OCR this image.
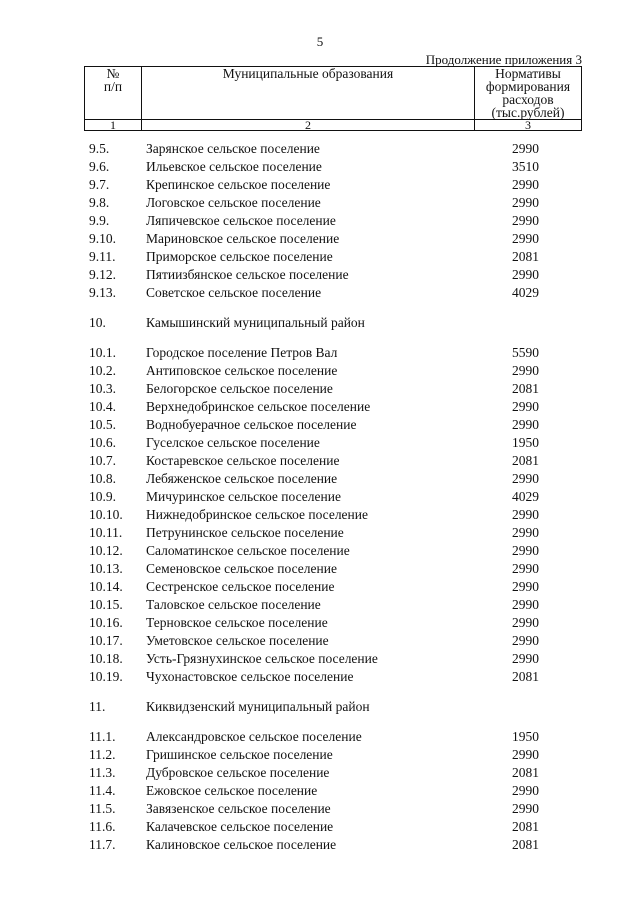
5
Продолжение приложения 3
№
п/п	Муниципальные образования	Нормативы формирования расходов (тыс.рублей)
1	2	3
9.5.	Зарянское сельское поселение	2990
9.6.	Ильевское сельское поселение	3510
9.7.	Крепинское сельское поселение	2990
9.8.	Логовское сельское поселение	2990
9.9.	Ляпичевское сельское поселение	2990
9.10. Мариновское сельское поселение	2990
9.11. Приморское сельское поселение	2081
9.12. Пятиизбянское сельское поселение	2990
9.13. Советское сельское поселение	4029
10.	Камышинский муниципальный район
10.1. Городское поселение Петров Вал	5590
10.2. Антиповское сельское поселение	2990
10.3. Белогорское сельское поселение	2081
10.4. Верхнедобринское сельское поселение	2990
10.5. Воднобуерачное сельское поселение	2990
10.6. Гуселское сельское поселение	1950
10.7. Костаревское сельское поселение	2081
10.8. Лебяженское сельское поселение	2990
10.9. Мичуринское сельское поселение	4029
10.10. Нижнедобринское сельское поселение	2990
10.11. Петрунинское сельское поселение	2990
10.12. Саломатинское сельское поселение	2990
10.13. Семеновское сельское поселение	2990
10.14. Сестренское сельское поселение	2990
10.15. Таловское сельское поселение	2990
10.16. Терновское сельское поселение	2990
10.17. Уметовское сельское поселение	2990
10.18. Усть-Грязнухинское сельское поселение	2990
10.19. Чухонастовское сельское поселение	2081
11.	Киквидзенский муниципальный район
11.1. Александровское сельское поселение	1950
11.2. Гришинское сельское поселение	2990
11.3. Дубровское сельское поселение	2081
11.4. Ежовское сельское поселение	2990
11.5. Завязенское сельское поселение	2990
11.6. Калачевское сельское поселение	2081
11.7. Калиновское сельское поселение	2081
